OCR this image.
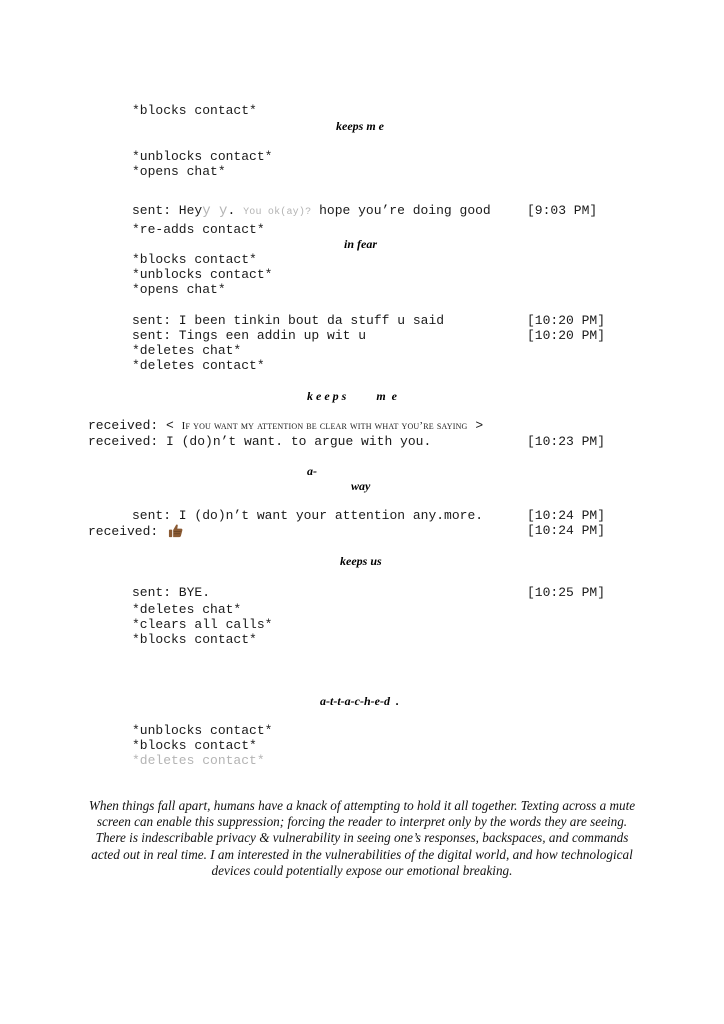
*blocks contact*
keeps m e
*unblocks contact*
*opens chat*
sent: Heyy y. You ok(ay)? hope you’re doing good	[9:03 PM]
*re-adds contact*
in fear
*blocks contact*
*unblocks contact*
*opens chat*
sent: I been tinkin bout da stuff u said	[10:20 PM]
sent: Tings een addin up wit u	[10:20 PM]
*deletes chat*
*deletes contact*
k e e p s          m  e
received: < If you want my attention be clear with what you’re saying >
received: I (do)n’t want. to argue with you.	[10:23 PM]
a-
way
sent: I (do)n’t want your attention any.more.	[10:24 PM]
received:	[10:24 PM]
keeps us
sent: BYE.	[10:25 PM]
*deletes chat*
*clears all calls*
*blocks contact*
a-t-t-a-c-h-e-d  .
*unblocks contact*
*blocks contact*
*deletes contact*
When things fall apart, humans have a knack of attempting to hold it all together. Texting across a mute screen can enable this suppression; forcing the reader to interpret only by the words they are seeing. There is indescribable privacy & vulnerability in seeing one’s responses, backspaces, and commands acted out in real time. I am interested in the vulnerabilities of the digital world, and how technological devices could potentially expose our emotional breaking.
